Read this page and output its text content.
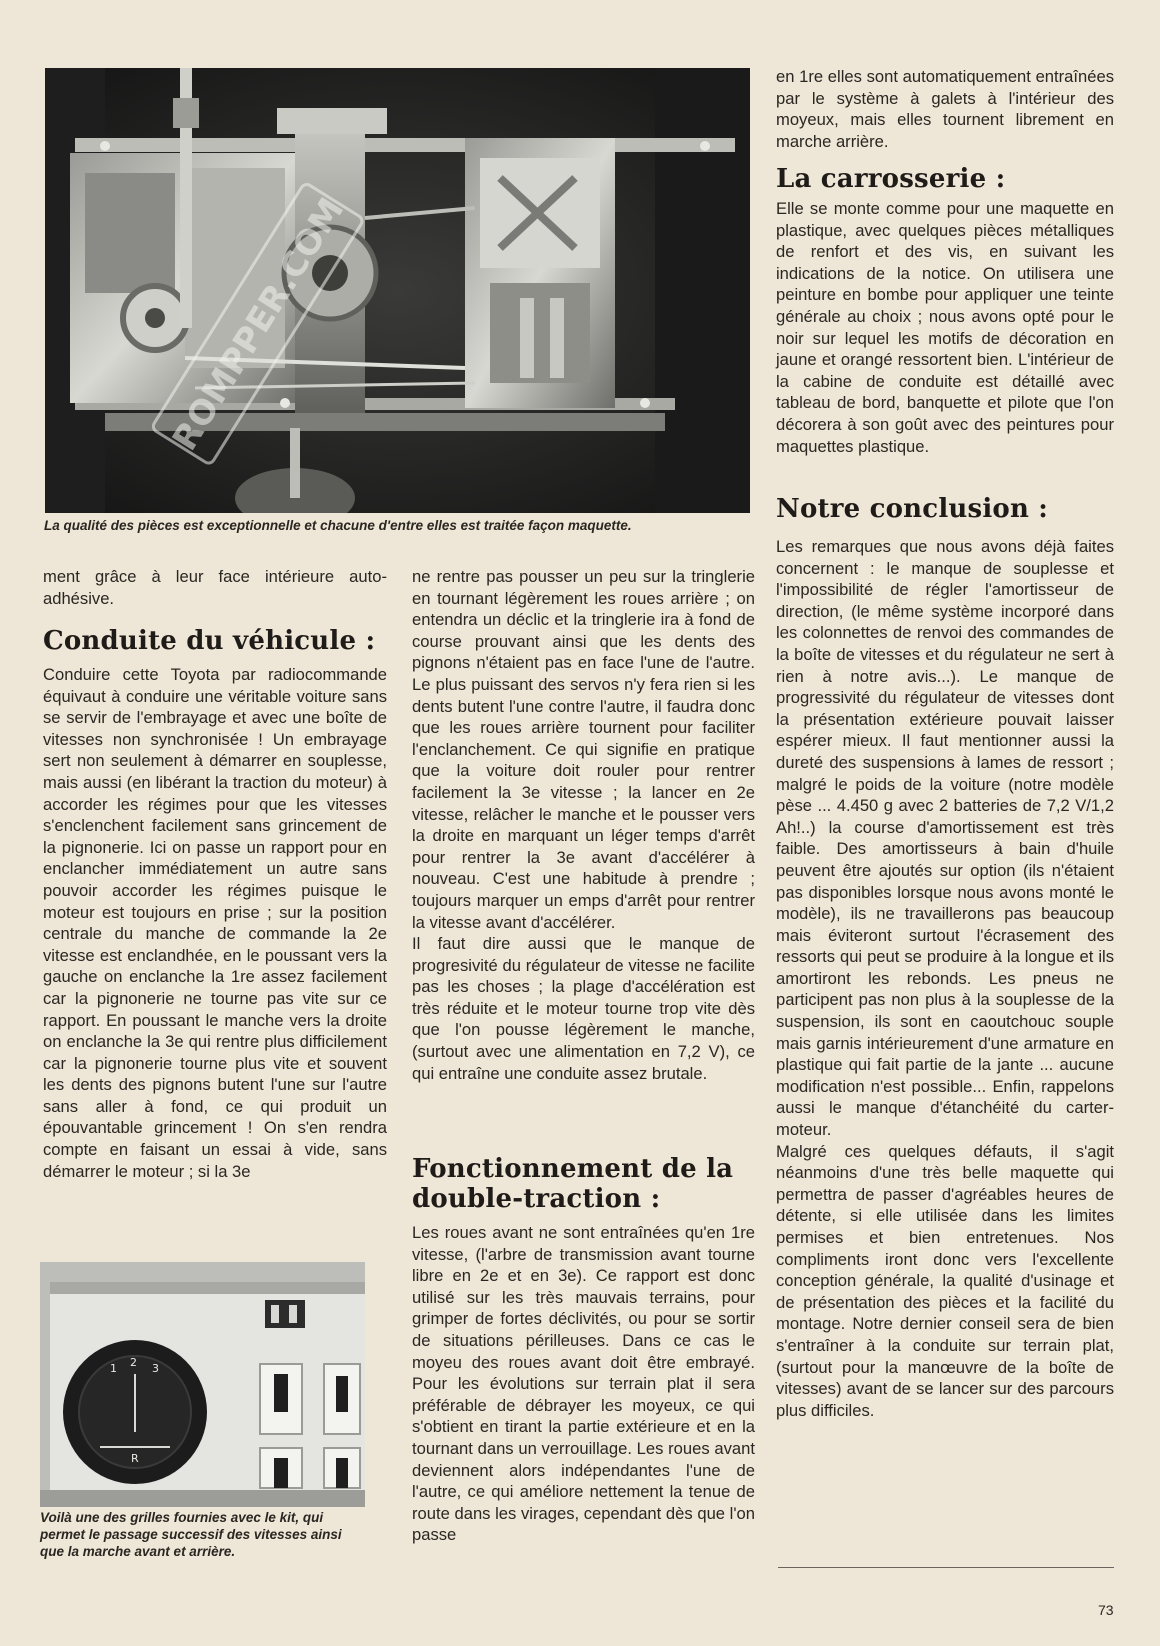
ROMPPER.COM
La qualité des pièces est exceptionnelle et chacune d'entre elles est traitée façon maquette.

ment grâce à leur face intérieure auto-adhésive.

Conduite du véhicule :

Conduire cette Toyota par radiocommande équivaut à conduire une véritable voiture sans se servir de l'embrayage et avec une boîte de vitesses non synchronisée ! Un embrayage sert non seulement à démarrer en souplesse, mais aussi (en libérant la traction du moteur) à accorder les régimes pour que les vitesses s'enclenchent facilement sans grincement de la pignonerie. Ici on passe un rapport pour en enclancher immédiatement un autre sans pouvoir accorder les régimes puisque le moteur est toujours en prise ; sur la position centrale du manche de commande la 2e vitesse est enclandhée, en le poussant vers la gauche on enclanche la 1re assez facilement car la pignonerie ne tourne pas vite sur ce rapport. En poussant le manche vers la droite on enclanche la 3e qui rentre plus difficilement car la pignonerie tourne plus vite et souvent les dents des pignons butent l'une sur l'autre sans aller à fond, ce qui produit un épouvantable grincement ! On s'en rendra compte en faisant un essai à vide, sans démarrer le moteur ; si la 3e

1 2 3
R
Voilà une des grilles fournies avec le kit, qui permet le passage successif des vitesses ainsi que la marche avant et arrière.

ne rentre pas pousser un peu sur la tringlerie en tournant légèrement les roues arrière ; on entendra un déclic et la tringlerie ira à fond de course prouvant ainsi que les dents des pignons n'étaient pas en face l'une de l'autre. Le plus puissant des servos n'y fera rien si les dents butent l'une contre l'autre, il faudra donc que les roues arrière tournent pour faciliter l'enclanchement. Ce qui signifie en pratique que la voiture doit rouler pour rentrer facilement la 3e vitesse ; la lancer en 2e vitesse, relâcher le manche et le pousser vers la droite en marquant un léger temps d'arrêt pour rentrer la 3e avant d'accélérer à nouveau. C'est une habitude à prendre ; toujours marquer un emps d'arrêt pour rentrer la vitesse avant d'accélérer.

Il faut dire aussi que le manque de progresivité du régulateur de vitesse ne facilite pas les choses ; la plage d'accélération est très réduite et le moteur tourne trop vite dès que l'on pousse légèrement le manche, (surtout avec une alimentation en 7,2 V), ce qui entraîne une conduite assez brutale.

Fonctionnement de la double-traction :

Les roues avant ne sont entraînées qu'en 1re vitesse, (l'arbre de transmission avant tourne libre en 2e et en 3e). Ce rapport est donc utilisé sur les très mauvais terrains, pour grimper de fortes déclivités, ou pour se sortir de situations périlleuses. Dans ce cas le moyeu des roues avant doit être embrayé. Pour les évolutions sur terrain plat il sera préférable de débrayer les moyeux, ce qui s'obtient en tirant la partie extérieure et en la tournant dans un verrouillage. Les roues avant deviennent alors indépendantes l'une de l'autre, ce qui améliore nettement la tenue de route dans les virages, cependant dès que l'on passe

en 1re elles sont automatiquement entraînées par le système à galets à l'intérieur des moyeux, mais elles tournent librement en marche arrière.

La carrosserie :

Elle se monte comme pour une maquette en plastique, avec quelques pièces métalliques de renfort et des vis, en suivant les indications de la notice. On utilisera une peinture en bombe pour appliquer une teinte générale au choix ; nous avons opté pour le noir sur lequel les motifs de décoration en jaune et orangé ressortent bien. L'intérieur de la cabine de conduite est détaillé avec tableau de bord, banquette et pilote que l'on décorera à son goût avec des peintures pour maquettes plastique.

Notre conclusion :

Les remarques que nous avons déjà faites concernent : le manque de souplesse et l'impossibilité de régler l'amortisseur de direction, (le même système incorporé dans les colonnettes de renvoi des commandes de la boîte de vitesses et du régulateur ne sert à rien à notre avis...). Le manque de progressivité du régulateur de vitesses dont la présentation extérieure pouvait laisser espérer mieux. Il faut mentionner aussi la dureté des suspensions à lames de ressort ; malgré le poids de la voiture (notre modèle pèse ... 4.450 g avec 2 batteries de 7,2 V/1,2 Ah!..) la course d'amortissement est très faible. Des amortisseurs à bain d'huile peuvent être ajoutés sur option (ils n'étaient pas disponibles lorsque nous avons monté le modèle), ils ne travaillerons pas beaucoup mais éviteront surtout l'écrasement des ressorts qui peut se produire à la longue et ils amortiront les rebonds. Les pneus ne participent pas non plus à la souplesse de la suspension, ils sont en caoutchouc souple mais garnis intérieurement d'une armature en plastique qui fait partie de la jante ... aucune modification n'est possible... Enfin, rappelons aussi le manque d'étanchéité du carter-moteur.

Malgré ces quelques défauts, il s'agit néanmoins d'une très belle maquette qui permettra de passer d'agréables heures de détente, si elle utilisée dans les limites permises et bien entretenues. Nos compliments iront donc vers l'excellente conception générale, la qualité d'usinage et de présentation des pièces et la facilité du montage. Notre dernier conseil sera de bien s'entraîner à la conduite sur terrain plat, (surtout pour la manœuvre de la boîte de vitesses) avant de se lancer sur des parcours plus difficiles.

73
